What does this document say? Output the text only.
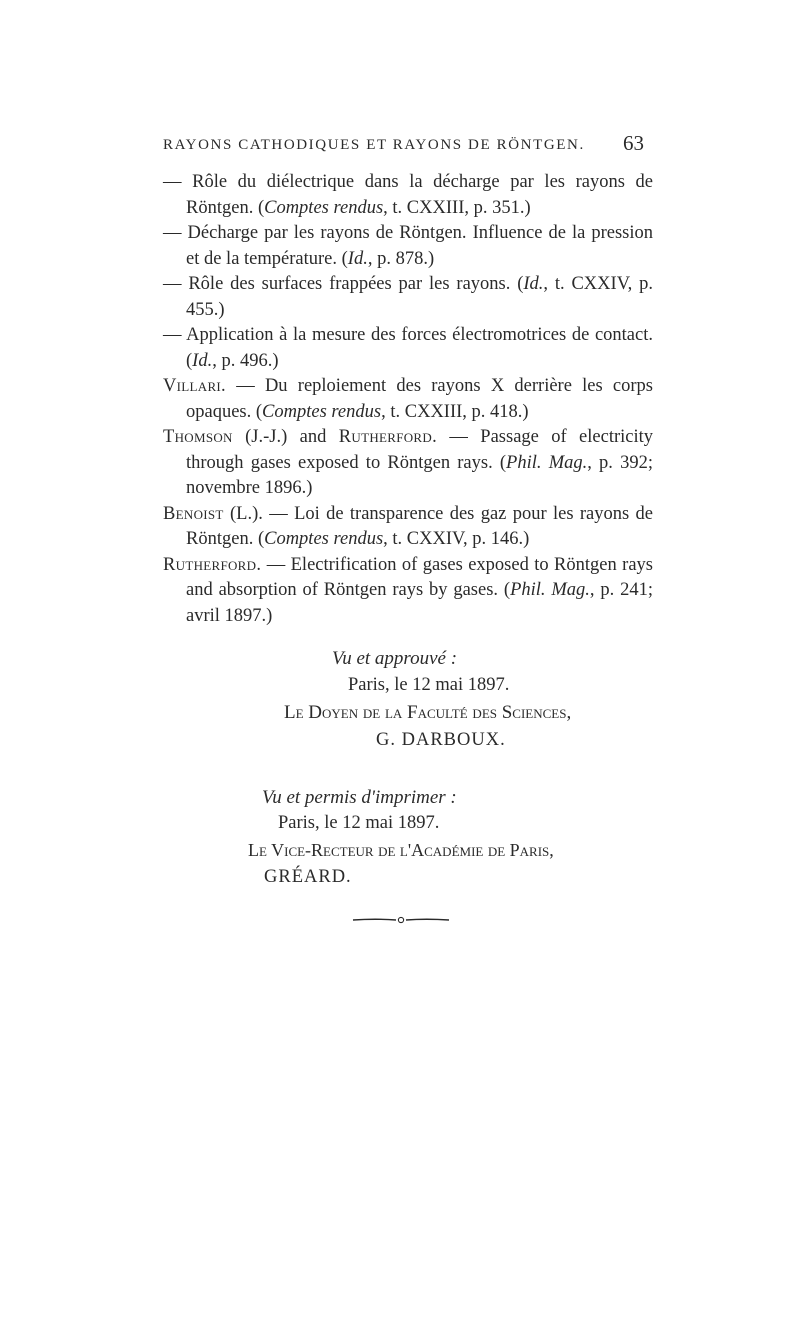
RAYONS CATHODIQUES ET RAYONS DE RÖNTGEN. 63

— Rôle du diélectrique dans la décharge par les rayons de Röntgen. (Comptes rendus, t. CXXIII, p. 351.)

— Décharge par les rayons de Röntgen. Influence de la pression et de la température. (Id., p. 878.)

— Rôle des surfaces frappées par les rayons. (Id., t. CXXIV, p. 455.)

— Application à la mesure des forces électromotrices de contact. (Id., p. 496.)

Villari. — Du reploiement des rayons X derrière les corps opaques. (Comptes rendus, t. CXXIII, p. 418.)

Thomson (J.-J.) and Rutherford. — Passage of electricity through gases exposed to Röntgen rays. (Phil. Mag., p. 392; novembre 1896.)

Benoist (L.). — Loi de transparence des gaz pour les rayons de Röntgen. (Comptes rendus, t. CXXIV, p. 146.)

Rutherford. — Electrification of gases exposed to Röntgen rays and absorption of Röntgen rays by gases. (Phil. Mag., p. 241; avril 1897.)

Vu et approuvé :
Paris, le 12 mai 1897.
Le Doyen de la Faculté des Sciences,
G. DARBOUX.
Vu et permis d'imprimer :
Paris, le 12 mai 1897.
Le Vice-Recteur de l'Académie de Paris,
GRÉARD.
